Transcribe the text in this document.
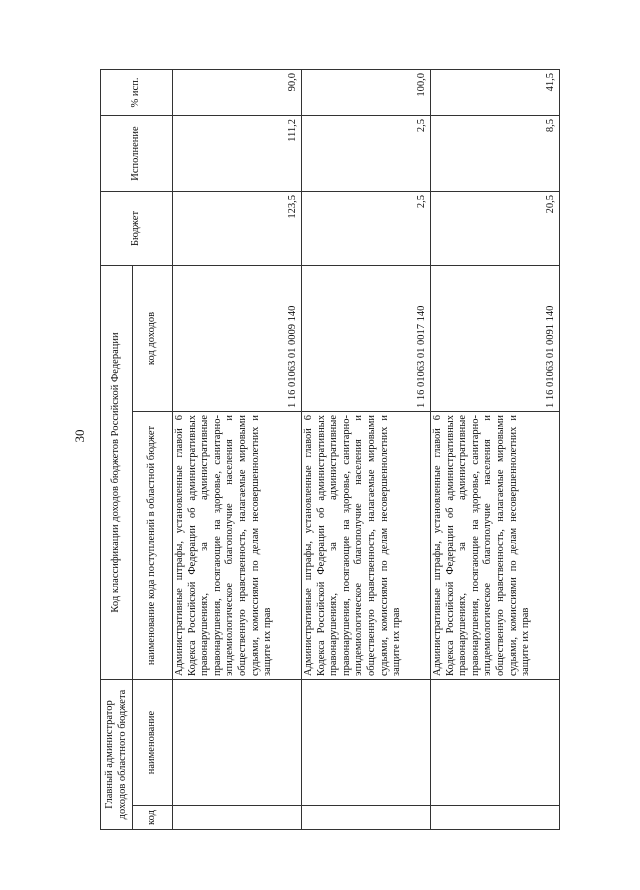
30
Главный администратор доходов областного бюджета		Код классификации доходов бюджетов Российской Федерации		Бюджет	Исполнение	% исп.
код	наименование	наименование кода поступлений в областной бюджет	код доходов			
		Административные штрафы, установленные главой 6 Кодекса Российской Федерации об административных правонарушениях, за административные правонарушения, посягающие на здоровье, санитарно-эпидемиологическое благополучие населения и общественную нравственность, налагаемые мировыми судьями, комиссиями по делам несовершеннолетних и защите их прав	1 16 01063 01 0009 140	123,5	111,2	90,0
		Административные штрафы, установленные главой 6 Кодекса Российской Федерации об административных правонарушениях, за административные правонарушения, посягающие на здоровье, санитарно-эпидемиологическое благополучие населения и общественную нравственность, налагаемые мировыми судьями, комиссиями по делам несовершеннолетних и защите их прав	1 16 01063 01 0017 140	2,5	2,5	100,0
		Административные штрафы, установленные главой 6 Кодекса Российской Федерации об административных правонарушениях, за административные правонарушения, посягающие на здоровье, санитарно-эпидемиологическое благополучие населения и общественную нравственность, налагаемые мировыми судьями, комиссиями по делам несовершеннолетних и защите их прав	1 16 01063 01 0091 140	20,5	8,5	41,5
